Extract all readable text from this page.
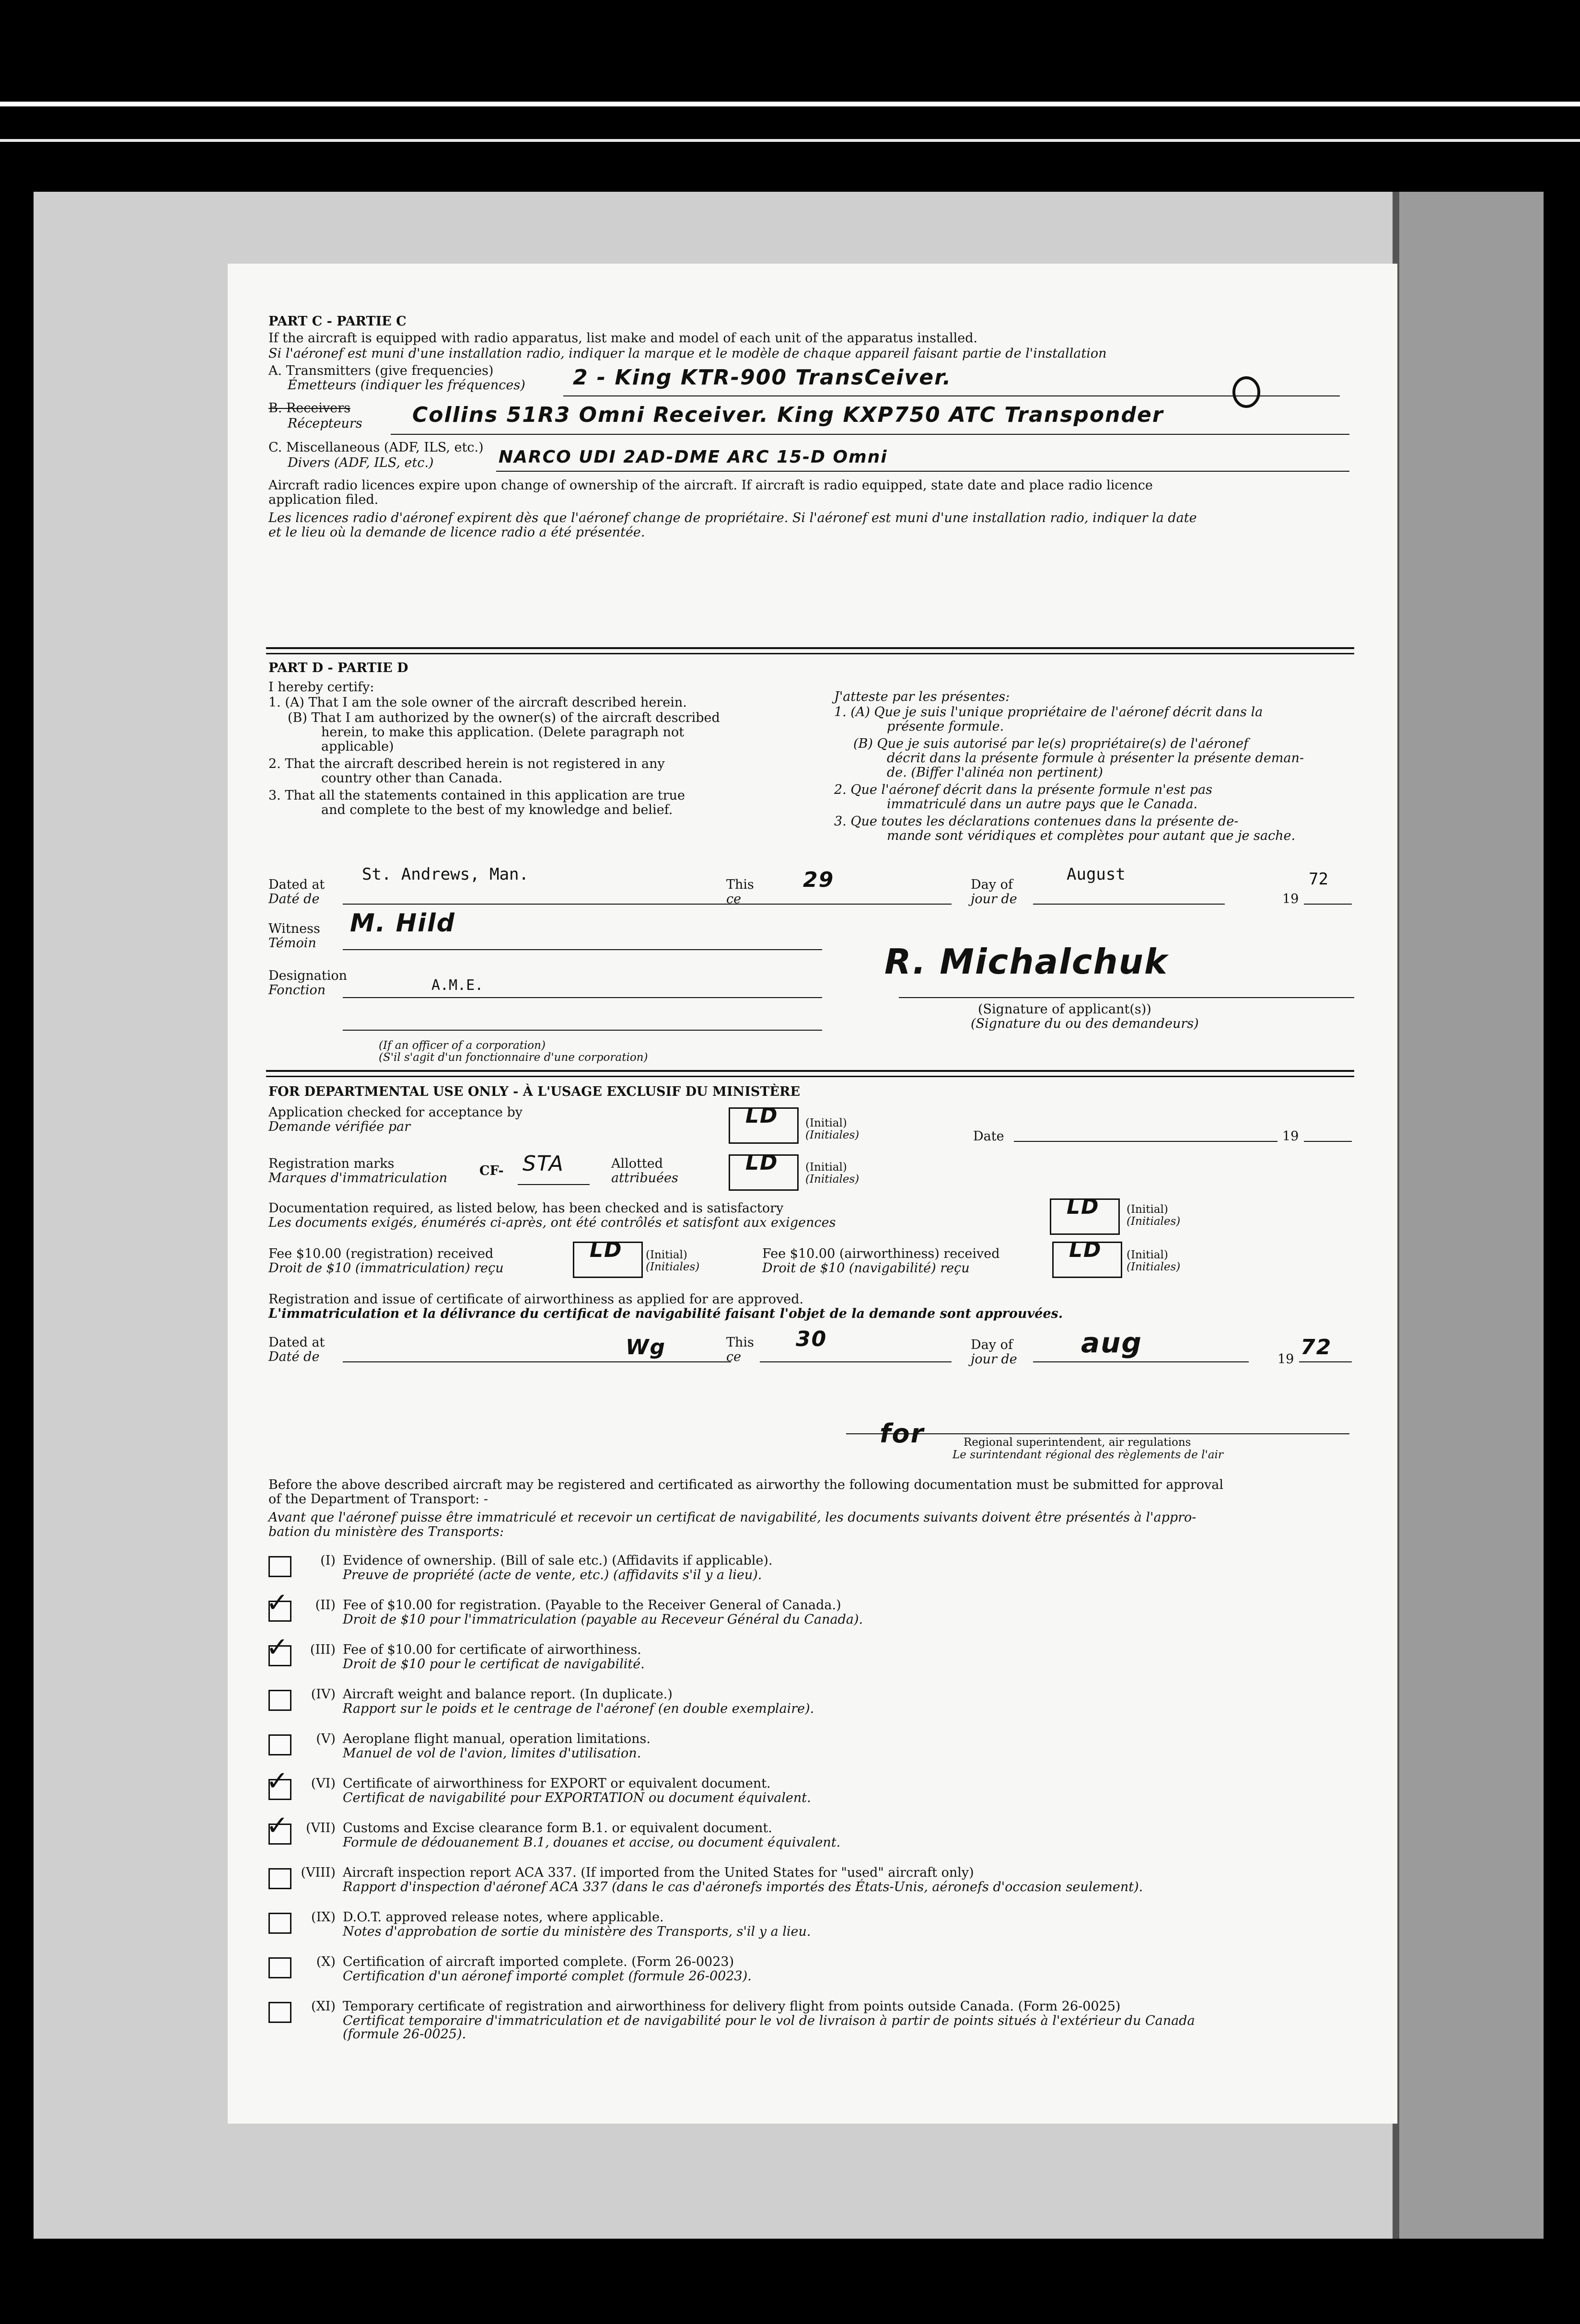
PART C - PARTIE C
If the aircraft is equipped with radio apparatus, list make and model of each unit of the apparatus installed.
Si l'aéronef est muni d'une installation radio, indiquer la marque et le modèle de chaque appareil faisant partie de l'installation
A. Transmitters (give frequencies)
Émetteurs (indiquer les fréquences) 2 - King KTR-900 TransCeiver.
B. Receivers
Récepteurs Collins 51R3 Omni Receiver. King KXP750 ATC Transponder
C. Miscellaneous (ADF, ILS, etc.)
Divers (ADF, ILS, etc.)	NARCO UDI 2AD-DME ARC 15-D Omni
Aircraft radio licences expire upon change of ownership of the aircraft. If aircraft is radio equipped, state date and place radio licence
application filed.
Les licences radio d'aéronef expirent dès que l'aéronef change de propriétaire. Si l'aéronef est muni d'une installation radio, indiquer la date
et le lieu où la demande de licence radio a été présentée.
PART D - PARTIE D
I hereby certify:
1. (A) That I am the sole owner of the aircraft described herein.
(B) That I am authorized by the owner(s) of the aircraft described
herein, to make this application. (Delete paragraph not
applicable)
2. That the aircraft described herein is not registered in any
country other than Canada.
3. That all the statements contained in this application are true
and complete to the best of my knowledge and belief.
J'atteste par les présentes:
1. (A) Que je suis l'unique propriétaire de l'aéronef décrit dans la
présente formule.
(B) Que je suis autorisé par le(s) propriétaire(s) de l'aéronef
décrit dans la présente formule à présenter la présente deman-
de. (Biffer l'alinéa non pertinent)
2. Que l'aéronef décrit dans la présente formule n'est pas
immatriculé dans un autre pays que le Canada.
3. Que toutes les déclarations contenues dans la présente de-
mande sont véridiques et complètes pour autant que je sache.
Dated at
Daté de
St. Andrews, Man.
This
ce
29	Day of
jour de
August
19
72
Witness
Témoin
M. Hild
Designation
Fonction	A.M.E.
(If an officer of a corporation)
(S'il s'agit d'un fonctionnaire d'une corporation)
R. Michalchuk
(Signature of applicant(s))
(Signature du ou des demandeurs)
FOR DEPARTMENTAL USE ONLY - À L'USAGE EXCLUSIF DU MINISTÈRE
Application checked for acceptance by
Demande vérifiée par	LD (Initial)
(Initiales)	Date	19
Registration marks
Marques d'immatriculation CF- STA	Allotted
attribuées
LD (Initial)
(Initiales)
Documentation required, as listed below, has been checked and is satisfactory
Les documents exigés, énumérés ci-après, ont été contrôlés et satisfont aux exigences
LD (Initial)
(Initiales)
Fee $10.00 (registration) received
Droit de $10 (immatriculation) reçu
LD (Initial)
(Initiales)
Fee $10.00 (airworthiness) received
Droit de $10 (navigabilité) reçu
LD (Initial)
(Initiales)
Registration and issue of certificate of airworthiness as applied for are approved.
L'immatriculation et la délivrance du certificat de navigabilité faisant l'objet de la demande sont approuvées.
Dated at
Daté de	Wg	This
ce
30	Day of
jour de
aug
19 72
for	Regional superintendent, air regulations
Le surintendant régional des règlements de l'air
Before the above described aircraft may be registered and certificated as airworthy the following documentation must be submitted for approval
of the Department of Transport: -
Avant que l'aéronef puisse être immatriculé et recevoir un certificat de navigabilité, les documents suivants doivent être présentés à l'appro-
bation du ministère des Transports:
(I) Evidence of ownership. (Bill of sale etc.) (Affidavits if applicable).
Preuve de propriété (acte de vente, etc.) (affidavits s'il y a lieu).
✓	(II) Fee of $10.00 for registration. (Payable to the Receiver General of Canada.)
Droit de $10 pour l'immatriculation (payable au Receveur Général du Canada).
✓	(III) Fee of $10.00 for certificate of airworthiness.
Droit de $10 pour le certificat de navigabilité.
(IV) Aircraft weight and balance report. (In duplicate.)
Rapport sur le poids et le centrage de l'aéronef (en double exemplaire).
(V) Aeroplane flight manual, operation limitations.
Manuel de vol de l'avion, limites d'utilisation.
✓	(VI) Certificate of airworthiness for EXPORT or equivalent document.
Certificat de navigabilité pour EXPORTATION ou document équivalent.
✓	(VII) Customs and Excise clearance form B.1. or equivalent document.
Formule de dédouanement B.1, douanes et accise, ou document équivalent.
(VIII) Aircraft inspection report ACA 337. (If imported from the United States for "used" aircraft only)
Rapport d'inspection d'aéronef ACA 337 (dans le cas d'aéronefs importés des États-Unis, aéronefs d'occasion seulement).
(IX) D.O.T. approved release notes, where applicable.
Notes d'approbation de sortie du ministère des Transports, s'il y a lieu.
(X) Certification of aircraft imported complete. (Form 26-0023)
Certification d'un aéronef importé complet (formule 26-0023).
(XI) Temporary certificate of registration and airworthiness for delivery flight from points outside Canada. (Form 26-0025)
Certificat temporaire d'immatriculation et de navigabilité pour le vol de livraison à partir de points situés à l'extérieur du Canada
(formule 26-0025).
